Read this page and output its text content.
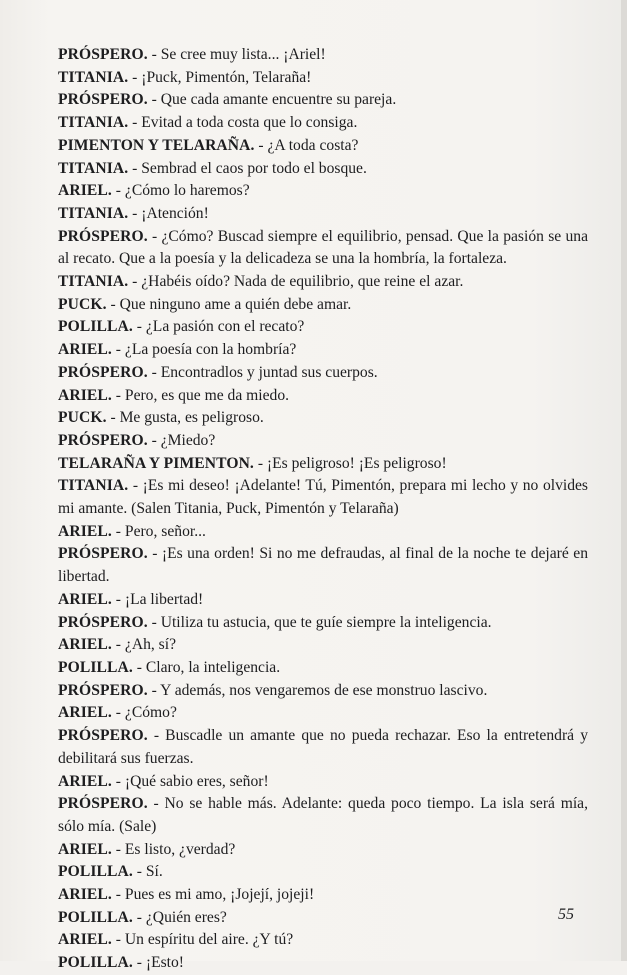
PRÓSPERO. - Se cree muy lista... ¡Ariel!

TITANIA. - ¡Puck, Pimentón, Telaraña!

PRÓSPERO. - Que cada amante encuentre su pareja.

TITANIA. - Evitad a toda costa que lo consiga.

PIMENTON Y TELARAÑA. - ¿A toda costa?

TITANIA. - Sembrad el caos por todo el bosque.

ARIEL. - ¿Cómo lo haremos?

TITANIA. - ¡Atención!

PRÓSPERO. - ¿Cómo? Buscad siempre el equilibrio, pensad. Que la pasión se una al recato. Que a la poesía y la delicadeza se una la hombría, la fortaleza.

TITANIA. - ¿Habéis oído? Nada de equilibrio, que reine el azar.

PUCK. - Que ninguno ame a quién debe amar.

POLILLA. - ¿La pasión con el recato?

ARIEL. - ¿La poesía con la hombría?

PRÓSPERO. - Encontradlos y juntad sus cuerpos.

ARIEL. - Pero, es que me da miedo.

PUCK. - Me gusta, es peligroso.

PRÓSPERO. - ¿Miedo?

TELARAÑA Y PIMENTON. - ¡Es peligroso! ¡Es peligroso!

TITANIA. - ¡Es mi deseo! ¡Adelante! Tú, Pimentón, prepara mi lecho y no olvides mi amante. (Salen Titania, Puck, Pimentón y Telaraña)

ARIEL. - Pero, señor...

PRÓSPERO. - ¡Es una orden! Si no me defraudas, al final de la noche te dejaré en libertad.

ARIEL. - ¡La libertad!

PRÓSPERO. - Utiliza tu astucia, que te guíe siempre la inteligencia.

ARIEL. - ¿Ah, sí?

POLILLA. - Claro, la inteligencia.

PRÓSPERO. - Y además, nos vengaremos de ese monstruo lascivo.

ARIEL. - ¿Cómo?

PRÓSPERO. - Buscadle un amante que no pueda rechazar. Eso la entretendrá y debilitará sus fuerzas.

ARIEL. - ¡Qué sabio eres, señor!

PRÓSPERO. - No se hable más. Adelante: queda poco tiempo. La isla será mía, sólo mía. (Sale)

ARIEL. - Es listo, ¿verdad?

POLILLA. - Sí.

ARIEL. - Pues es mi amo, ¡Jojejí, jojeji!

POLILLA. - ¿Quién eres?

ARIEL. - Un espíritu del aire. ¿Y tú?

POLILLA. - ¡Esto!

55
